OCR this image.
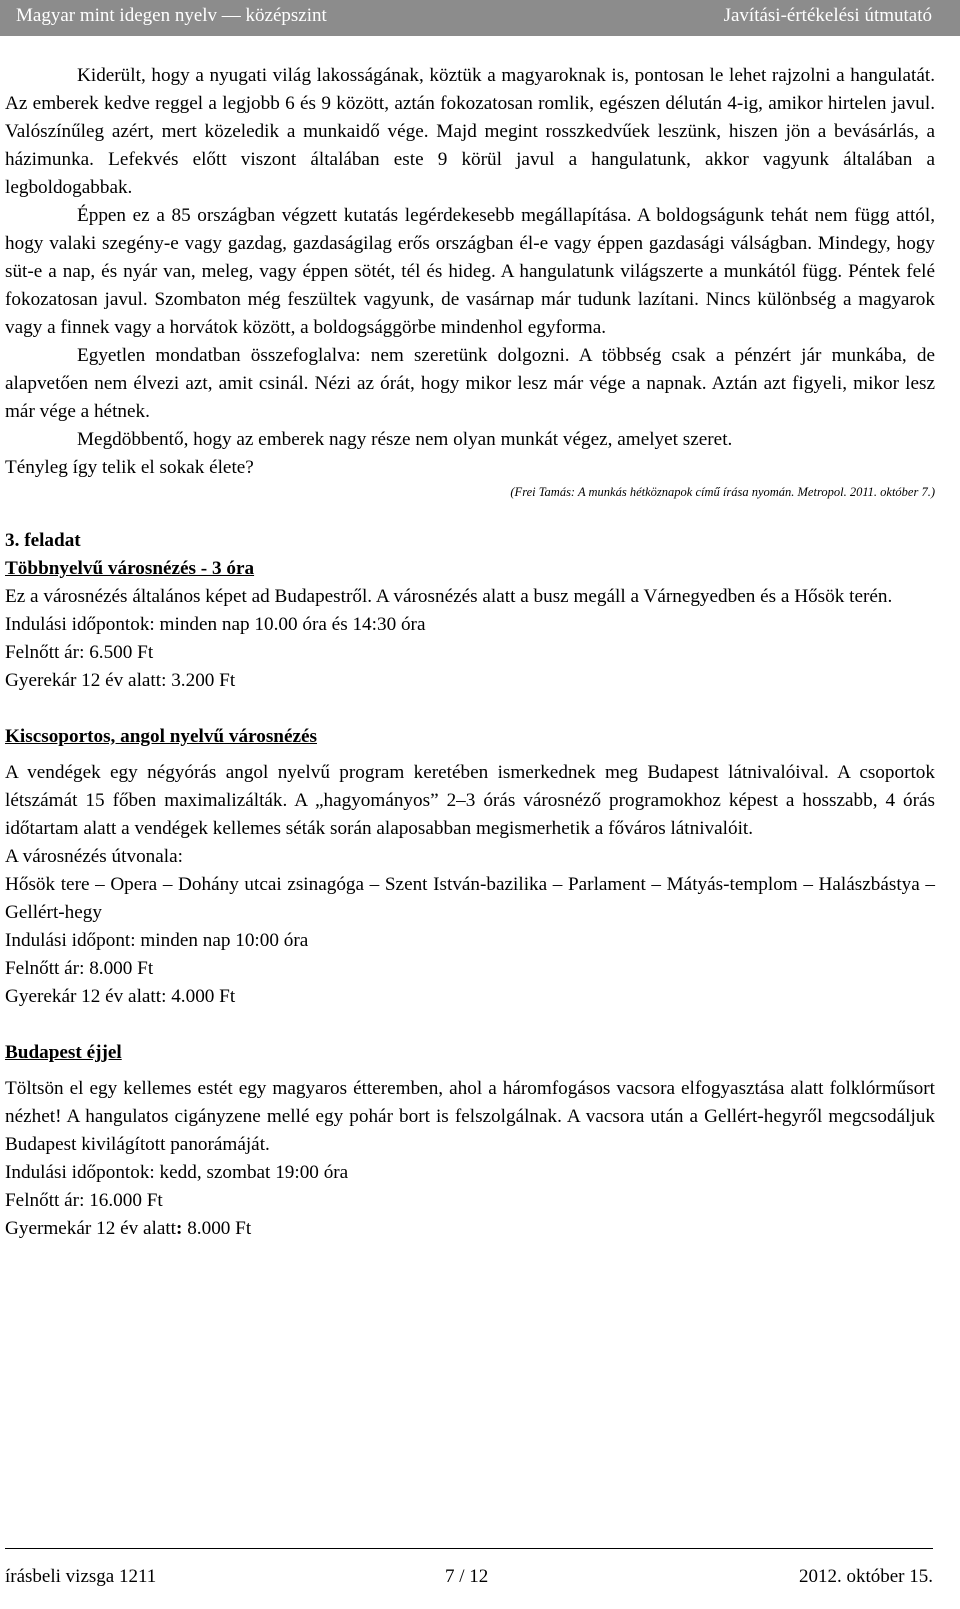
Magyar mint idegen nyelv — középszint	Javítási-értékelési útmutató

Kiderült, hogy a nyugati világ lakosságának, köztük a magyaroknak is, pontosan le lehet rajzolni a hangulatát. Az emberek kedve reggel a legjobb 6 és 9 között, aztán fokozatosan romlik, egészen délután 4-ig, amikor hirtelen javul. Valószínűleg azért, mert közeledik a munkaidő vége. Majd megint rosszkedvűek leszünk, hiszen jön a bevásárlás, a házimunka. Lefekvés előtt viszont általában este 9 körül javul a hangulatunk, akkor vagyunk általában a legboldogabbak.

Éppen ez a 85 országban végzett kutatás legérdekesebb megállapítása. A boldogságunk tehát nem függ attól, hogy valaki szegény-e vagy gazdag, gazdaságilag erős országban él-e vagy éppen gazdasági válságban. Mindegy, hogy süt-e a nap, és nyár van, meleg, vagy éppen sötét, tél és hideg. A hangulatunk világszerte a munkától függ. Péntek felé fokozatosan javul. Szombaton még feszültek vagyunk, de vasárnap már tudunk lazítani. Nincs különbség a magyarok vagy a finnek vagy a horvátok között, a boldogsággörbe mindenhol egyforma.

Egyetlen mondatban összefoglalva: nem szeretünk dolgozni. A többség csak a pénzért jár munkába, de alapvetően nem élvezi azt, amit csinál. Nézi az órát, hogy mikor lesz már vége a napnak. Aztán azt figyeli, mikor lesz már vége a hétnek.

Megdöbbentő, hogy az emberek nagy része nem olyan munkát végez, amelyet szeret.

Tényleg így telik el sokak élete?

(Frei Tamás: A munkás hétköznapok című írása nyomán. Metropol. 2011. október 7.)

3. feladat

Többnyelvű városnézés - 3 óra

Ez a városnézés általános képet ad Budapestről. A városnézés alatt a busz megáll a Várnegyedben és a Hősök terén.

Indulási időpontok: minden nap 10.00 óra és 14:30 óra

Felnőtt ár: 6.500 Ft

Gyerekár 12 év alatt: 3.200 Ft

Kiscsoportos, angol nyelvű városnézés

A vendégek egy négyórás angol nyelvű program keretében ismerkednek meg Budapest látnivalóival. A csoportok létszámát 15 főben maximalizálták. A „hagyományos” 2–3 órás városnéző programokhoz képest a hosszabb, 4 órás időtartam alatt a vendégek kellemes séták során alaposabban megismerhetik a főváros látnivalóit.

A városnézés útvonala:

Hősök tere – Opera – Dohány utcai zsinagóga – Szent István-bazilika – Parlament – Mátyás-templom – Halászbástya – Gellért-hegy

Indulási időpont: minden nap 10:00 óra

Felnőtt ár: 8.000 Ft

Gyerekár 12 év alatt: 4.000 Ft

Budapest éjjel

Töltsön el egy kellemes estét egy magyaros étteremben, ahol a háromfogásos vacsora elfogyasztása alatt folklórműsort nézhet! A hangulatos cigányzene mellé egy pohár bort is felszolgálnak. A vacsora után a Gellért-hegyről megcsodáljuk Budapest kivilágított panorámáját.

Indulási időpontok: kedd, szombat 19:00 óra

Felnőtt ár: 16.000 Ft

Gyermekár 12 év alatt: 8.000 Ft

írásbeli vizsga 1211	7 / 12	2012. október 15.
